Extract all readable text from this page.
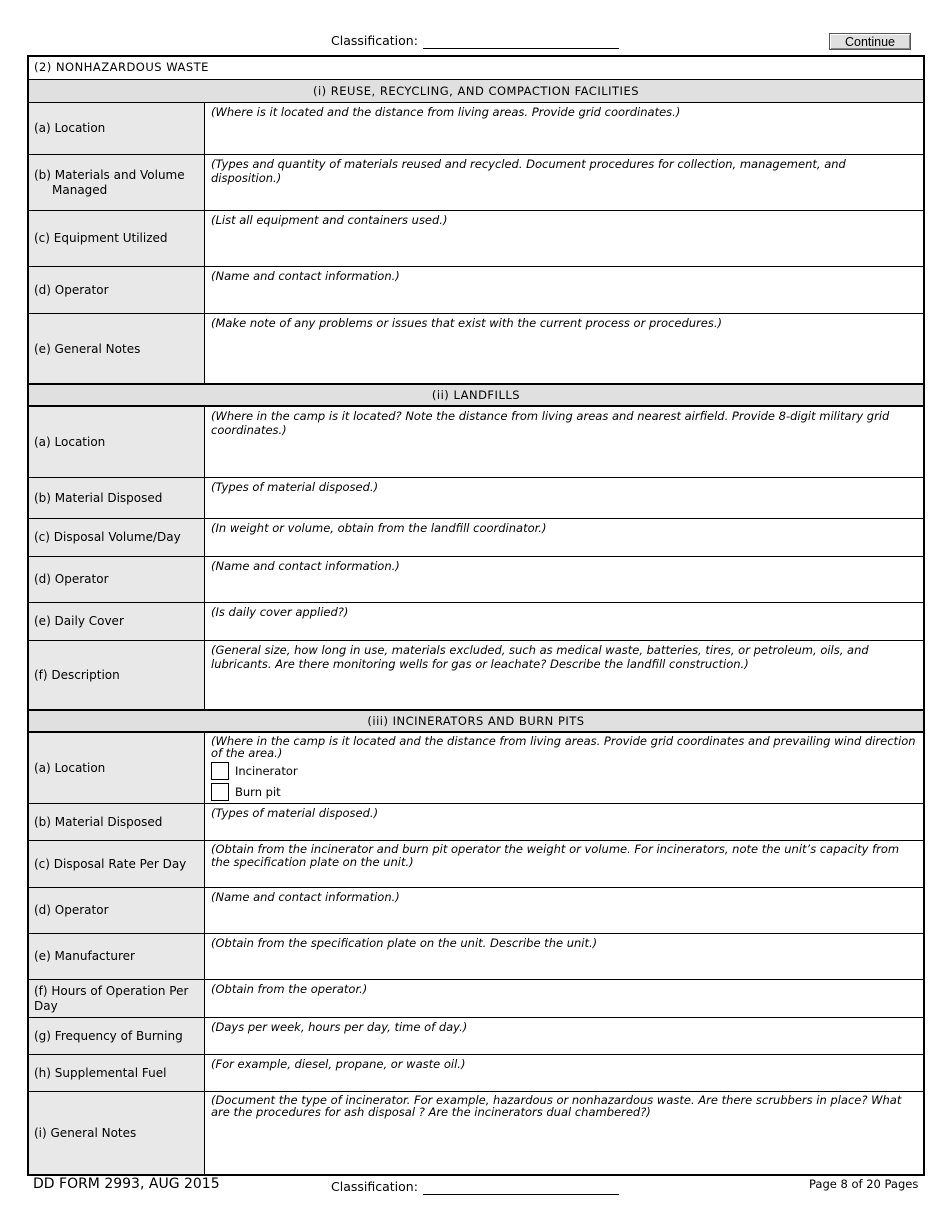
Classification:	Continue
(2) NONHAZARDOUS WASTE
(i) REUSE, RECYCLING, AND COMPACTION FACILITIES
(a) Location
(Where is it located and the distance from living areas. Provide grid coordinates.)
(b) Materials and Volume
Managed
(Types and quantity of materials reused and recycled. Document procedures for collection, management, and disposition.)
(c) Equipment Utilized
(List all equipment and containers used.)
(d) Operator
(Name and contact information.)
(e) General Notes
(Make note of any problems or issues that exist with the current process or procedures.)
(ii) LANDFILLS
(a) Location
(Where in the camp is it located? Note the distance from living areas and nearest airfield. Provide 8-digit military grid coordinates.)
(b) Material Disposed
(Types of material disposed.)
(c) Disposal Volume/Day
(In weight or volume, obtain from the landfill coordinator.)
(d) Operator
(Name and contact information.)
(e) Daily Cover
(Is daily cover applied?)
(f) Description
(General size, how long in use, materials excluded, such as medical waste, batteries, tires, or petroleum, oils, and lubricants. Are there monitoring wells for gas or leachate? Describe the landfill construction.)
(iii) INCINERATORS AND BURN PITS
(a) Location
(Where in the camp is it located and the distance from living areas. Provide grid coordinates and prevailing wind direction of the area.)
Incinerator
Burn pit
(b) Material Disposed
(Types of material disposed.)
(c) Disposal Rate Per Day
(Obtain from the incinerator and burn pit operator the weight or volume. For incinerators, note the unit’s capacity from the specification plate on the unit.)
(d) Operator
(Name and contact information.)
(e) Manufacturer
(Obtain from the specification plate on the unit. Describe the unit.)
(f) Hours of Operation Per Day
(Obtain from the operator.)
(g) Frequency of Burning
(Days per week, hours per day, time of day.)
(h) Supplemental Fuel
(For example, diesel, propane, or waste oil.)
(i) General Notes
(Document the type of incinerator. For example, hazardous or nonhazardous waste. Are there scrubbers in place? What are the procedures for ash disposal ? Are the incinerators dual chambered?)
DD FORM 2993, AUG 2015	Classification:	Page 8 of 20 Pages
